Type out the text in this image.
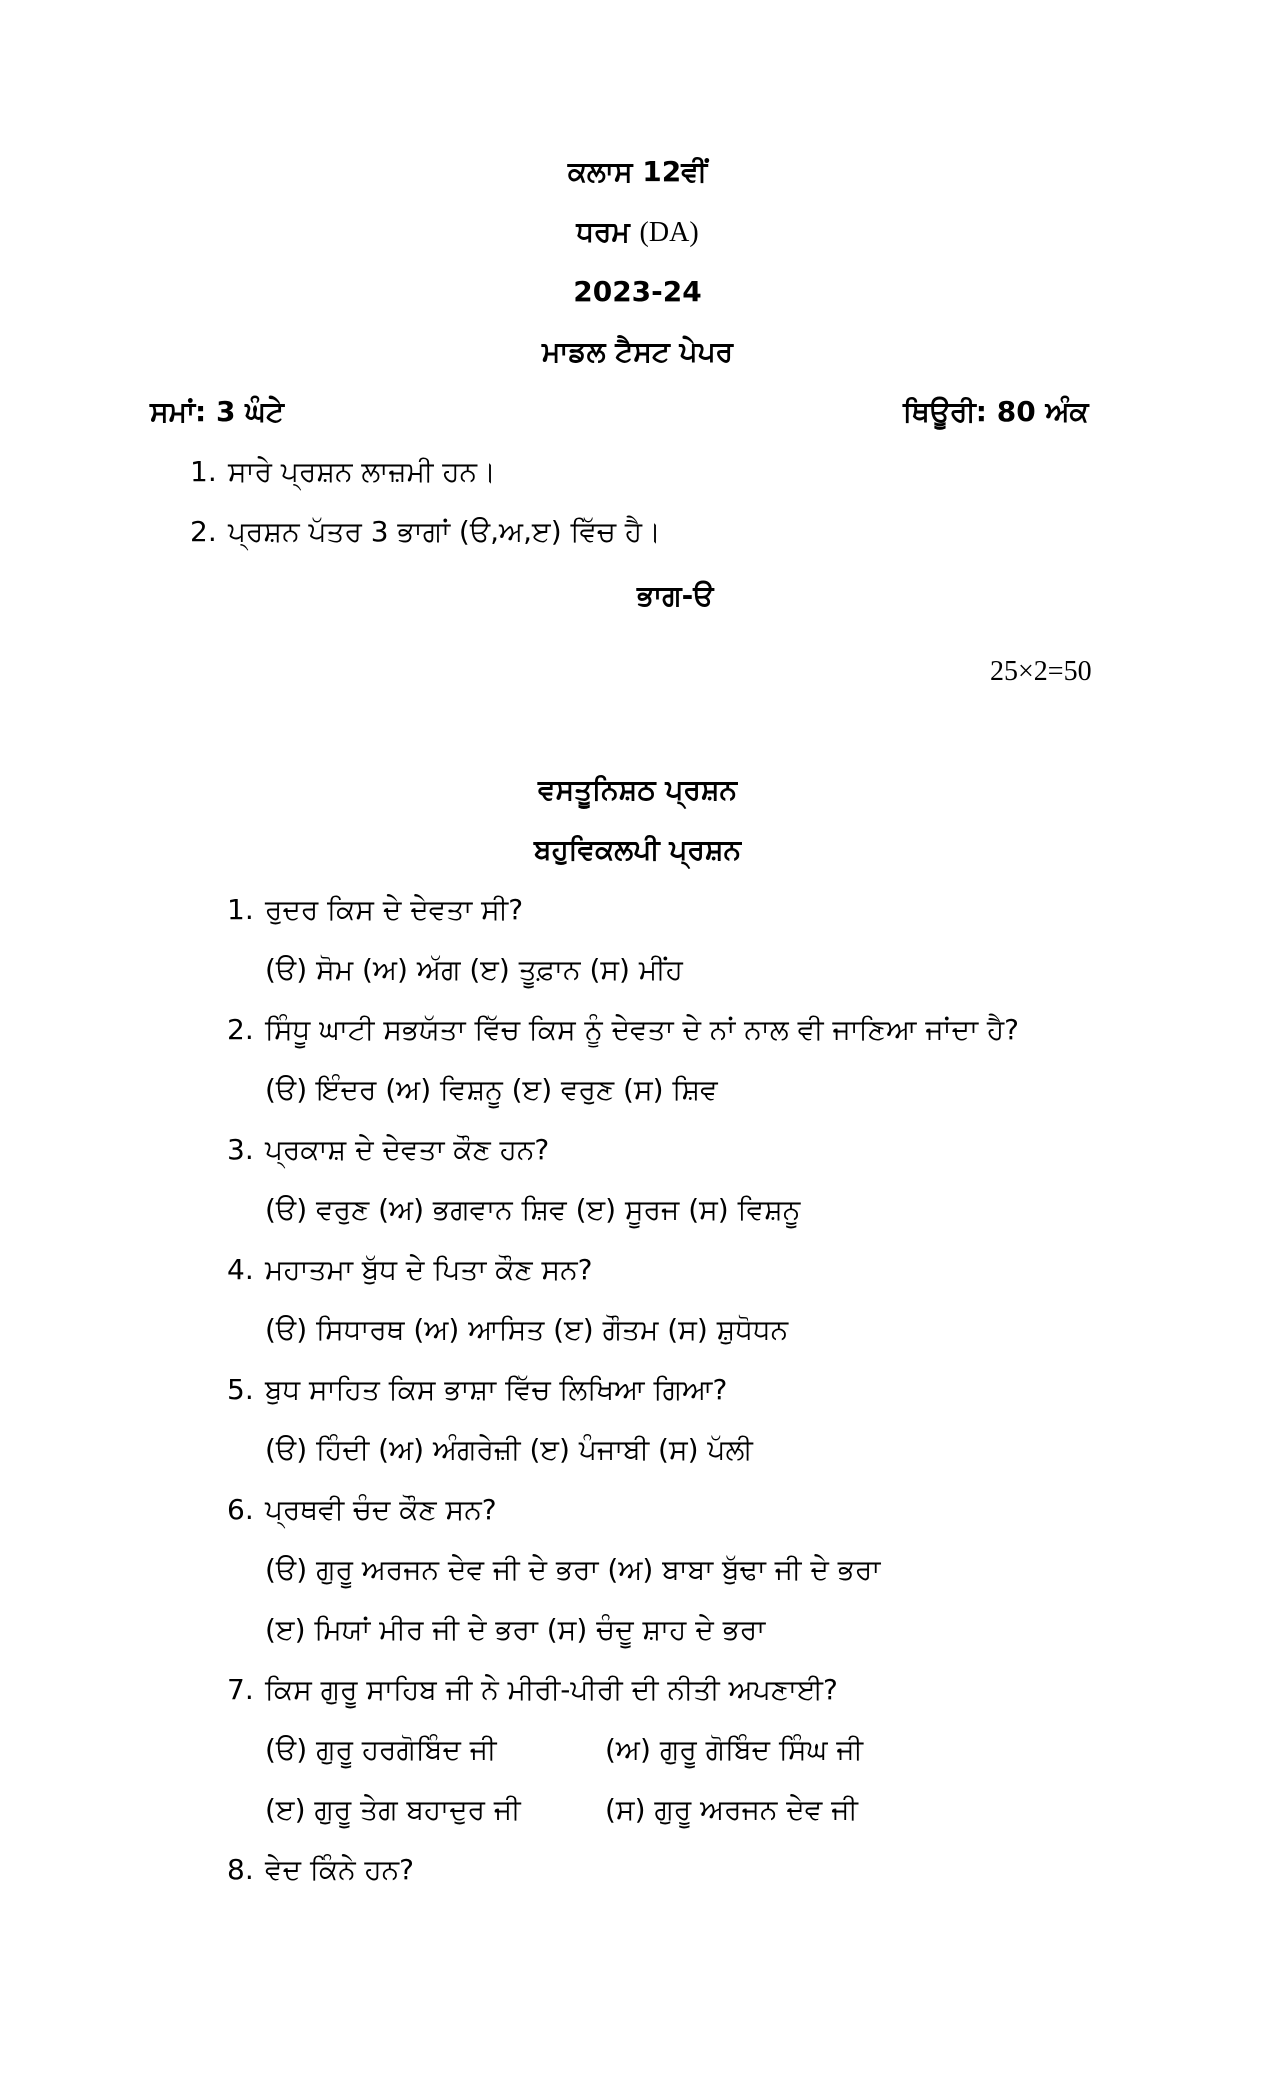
ਕਲਾਸ 12ਵੀਂ
ਧਰਮ (DA)
2023-24
ਮਾਡਲ ਟੈਸਟ ਪੇਪਰ
ਸਮਾਂ: 3 ਘੰਟੇ	ਥਿਊਰੀ: 80 ਅੰਕ
1. ਸਾਰੇ ਪ੍ਰਸ਼ਨ ਲਾਜ਼ਮੀ ਹਨ।
2. ਪ੍ਰਸ਼ਨ ਪੱਤਰ 3 ਭਾਗਾਂ (ੳ,ਅ,ੲ) ਵਿੱਚ ਹੈ।
ਭਾਗ-ੳ
25×2=50
ਵਸਤੂਨਿਸ਼ਠ ਪ੍ਰਸ਼ਨ
ਬਹੁਵਿਕਲਪੀ ਪ੍ਰਸ਼ਨ
1. ਰੁਦਰ ਕਿਸ ਦੇ ਦੇਵਤਾ ਸੀ?
(ੳ) ਸੋਮ (ਅ) ਅੱਗ (ੲ) ਤੂਫ਼ਾਨ (ਸ) ਮੀਂਹ
2. ਸਿੰਧੂ ਘਾਟੀ ਸਭਯੱਤਾ ਵਿੱਚ ਕਿਸ ਨੂੰ ਦੇਵਤਾ ਦੇ ਨਾਂ ਨਾਲ ਵੀ ਜਾਣਿਆ ਜਾਂਦਾ ਹੈ?
(ੳ) ਇੰਦਰ (ਅ) ਵਿਸ਼ਨੂ (ੲ) ਵਰੁਣ (ਸ) ਸ਼ਿਵ
3. ਪ੍ਰਕਾਸ਼ ਦੇ ਦੇਵਤਾ ਕੌਣ ਹਨ?
(ੳ) ਵਰੁਣ (ਅ) ਭਗਵਾਨ ਸ਼ਿਵ (ੲ) ਸੂਰਜ (ਸ) ਵਿਸ਼ਨੂ
4. ਮਹਾਤਮਾ ਬੁੱਧ ਦੇ ਪਿਤਾ ਕੌਣ ਸਨ?
(ੳ) ਸਿਧਾਰਥ (ਅ) ਆਸਿਤ (ੲ) ਗੌਤਮ (ਸ) ਸ਼ੁਧੋਧਨ
5. ਬੁਧ ਸਾਹਿਤ ਕਿਸ ਭਾਸ਼ਾ ਵਿੱਚ ਲਿਖਿਆ ਗਿਆ?
(ੳ) ਹਿੰਦੀ (ਅ) ਅੰਗਰੇਜ਼ੀ (ੲ) ਪੰਜਾਬੀ (ਸ) ਪੱਲੀ
6. ਪ੍ਰਥਵੀ ਚੰਦ ਕੌਣ ਸਨ?
(ੳ) ਗੁਰੂ ਅਰਜਨ ਦੇਵ ਜੀ ਦੇ ਭਰਾ (ਅ) ਬਾਬਾ ਬੁੱਢਾ ਜੀ ਦੇ ਭਰਾ
(ੲ) ਮਿਯਾਂ ਮੀਰ ਜੀ ਦੇ ਭਰਾ (ਸ) ਚੰਦੂ ਸ਼ਾਹ ਦੇ ਭਰਾ
7. ਕਿਸ ਗੁਰੂ ਸਾਹਿਬ ਜੀ ਨੇ ਮੀਰੀ-ਪੀਰੀ ਦੀ ਨੀਤੀ ਅਪਣਾਈ?
(ੳ) ਗੁਰੂ ਹਰਗੋਬਿੰਦ ਜੀ	(ਅ) ਗੁਰੂ ਗੋਬਿੰਦ ਸਿੰਘ ਜੀ
(ੲ) ਗੁਰੂ ਤੇਗ ਬਹਾਦੁਰ ਜੀ	(ਸ) ਗੁਰੂ ਅਰਜਨ ਦੇਵ ਜੀ
8. ਵੇਦ ਕਿੰਨੇ ਹਨ?
